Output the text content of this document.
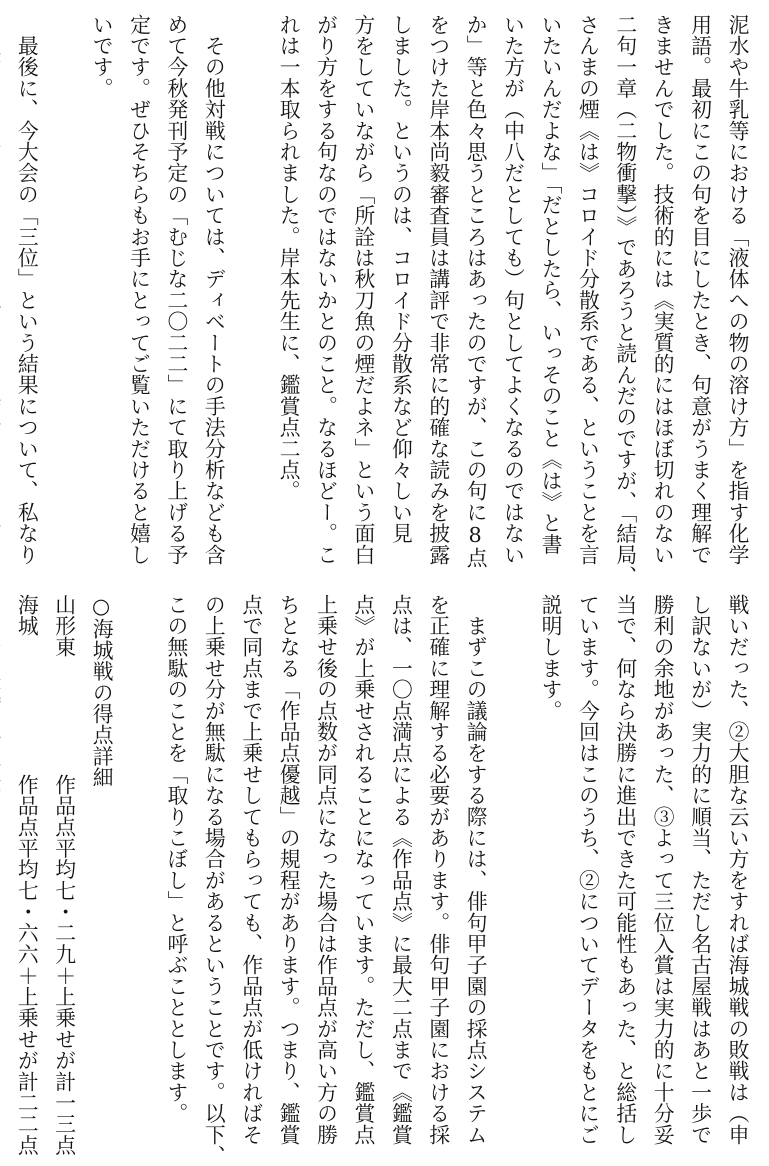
泥水や牛乳等における「液体への物の溶け方」を指す化学

用語。最初にこの句を目にしたとき、句意がうまく理解で

きませんでした。技術的には《実質的にはほぼ切れのない

二句一章（二物衝撃）》であろうと読んだのですが、「結局、

さんまの煙《は》コロイド分散系である、ということを言

いたいんだよな」「だとしたら、いっそのこと《は》と書

いた方が（中八だとしても）句としてよくなるのではない

か」等と色々思うところはあったのですが、この句に8点

をつけた岸本尚毅審査員は講評で非常に的確な読みを披露

しました。というのは、コロイド分散系など仰々しい見

方をしていながら「所詮は秋刀魚の煙だよネ」という面白

がり方をする句なのではないかとのこと。なるほどー。こ

れは一本取られました。岸本先生に、鑑賞点二点。

　その他対戦については、ディベートの手法分析なども含

めて今秋発刊予定の「むじな二〇二二」にて取り上げる予

定です。ぜひそちらもお手にとってご覧いただけると嬉し

いです。

　最後に、今大会の「三位」という結果について、私なり

戦いだった、②大胆な云い方をすれば海城戦の敗戦は（申

し訳ないが）実力的に順当、ただし名古屋戦はあと一歩で

勝利の余地があった、③よって三位入賞は実力的に十分妥

当で、何なら決勝に進出できた可能性もあった、と総括し

ています。今回はこのうち、②についてデータをもとにご

説明します。

　まずこの議論をする際には、俳句甲子園の採点システム

を正確に理解する必要があります。俳句甲子園における採

点は、一〇点満点による《作品点》に最大二点まで《鑑賞

点》が上乗せされることになっています。ただし、鑑賞点

上乗せ後の点数が同点になった場合は作品点が高い方の勝

ちとなる「作品点優越」の規程があります。つまり、鑑賞

点で同点まで上乗せしてもらっても、作品点が低ければそ

の上乗せ分が無駄になる場合があるということです。以下、

この無駄のことを「取りこぼし」と呼ぶこととします。

○海城戦の得点詳細

山形東作品点平均七・二九＋上乗せが計一三点

海城作品点平均七・六六＋上乗せが計二二点
